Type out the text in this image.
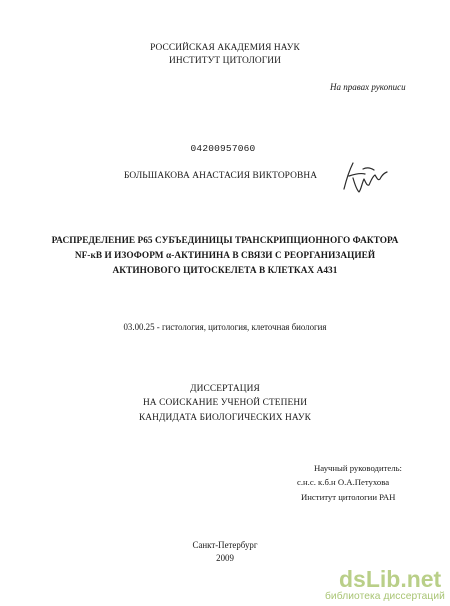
РОССИЙСКАЯ АКАДЕМИЯ НАУК
ИНСТИТУТ ЦИТОЛОГИИ
На правах рукописи
04200957060
БОЛЬШАКОВА АНАСТАСИЯ ВИКТОРОВНА
РАСПРЕДЕЛЕНИЕ Р65 СУБЪЕДИНИЦЫ ТРАНСКРИПЦИОННОГО ФАКТОРА
NF-кВ И ИЗОФОРМ α-АКТИНИНА В СВЯЗИ С РЕОРГАНИЗАЦИЕЙ
АКТИНОВОГО ЦИТОСКЕЛЕТА В КЛЕТКАХ А431
03.00.25 - гистология, цитология, клеточная биология
ДИССЕРТАЦИЯ
НА СОИСКАНИЕ УЧЕНОЙ СТЕПЕНИ
КАНДИДАТА БИОЛОГИЧЕСКИХ НАУК
Научный руководитель:
с.н.с. к.б.н О.А.Петухова
Институт цитологии РАН
Санкт-Петербург
2009
dsLib.net
библиотека диссертаций
